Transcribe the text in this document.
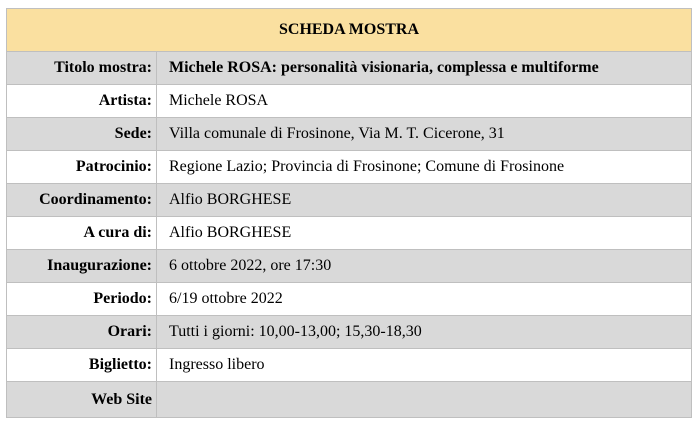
SCHEDA MOSTRA	
Titolo mostra:	Michele ROSA: personalità visionaria, complessa e multiforme
Artista:	Michele ROSA
Sede:	Villa comunale di Frosinone, Via M. T. Cicerone, 31
Patrocinio:	Regione Lazio; Provincia di Frosinone; Comune di Frosinone
Coordinamento:	Alfio BORGHESE
A cura di:	Alfio BORGHESE
Inaugurazione:	6 ottobre 2022, ore 17:30
Periodo:	6/19 ottobre 2022
Orari:	Tutti i giorni: 10,00-13,00; 15,30-18,30
Biglietto:	Ingresso libero
Web Site	
